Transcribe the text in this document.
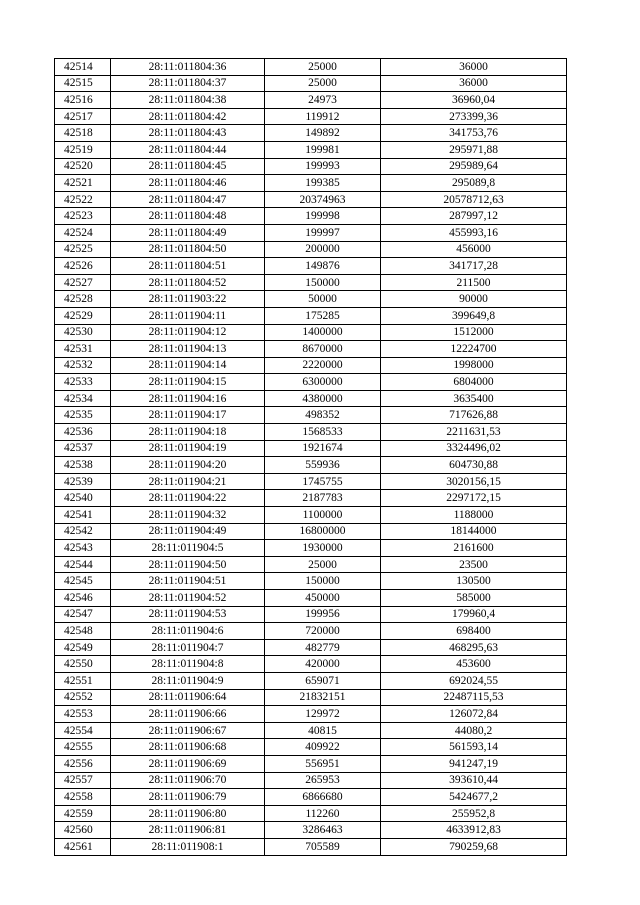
42514	28:11:011804:36	25000	36000
42515	28:11:011804:37	25000	36000
42516	28:11:011804:38	24973	36960,04
42517	28:11:011804:42	119912	273399,36
42518	28:11:011804:43	149892	341753,76
42519	28:11:011804:44	199981	295971,88
42520	28:11:011804:45	199993	295989,64
42521	28:11:011804:46	199385	295089,8
42522	28:11:011804:47	20374963	20578712,63
42523	28:11:011804:48	199998	287997,12
42524	28:11:011804:49	199997	455993,16
42525	28:11:011804:50	200000	456000
42526	28:11:011804:51	149876	341717,28
42527	28:11:011804:52	150000	211500
42528	28:11:011903:22	50000	90000
42529	28:11:011904:11	175285	399649,8
42530	28:11:011904:12	1400000	1512000
42531	28:11:011904:13	8670000	12224700
42532	28:11:011904:14	2220000	1998000
42533	28:11:011904:15	6300000	6804000
42534	28:11:011904:16	4380000	3635400
42535	28:11:011904:17	498352	717626,88
42536	28:11:011904:18	1568533	2211631,53
42537	28:11:011904:19	1921674	3324496,02
42538	28:11:011904:20	559936	604730,88
42539	28:11:011904:21	1745755	3020156,15
42540	28:11:011904:22	2187783	2297172,15
42541	28:11:011904:32	1100000	1188000
42542	28:11:011904:49	16800000	18144000
42543	28:11:011904:5	1930000	2161600
42544	28:11:011904:50	25000	23500
42545	28:11:011904:51	150000	130500
42546	28:11:011904:52	450000	585000
42547	28:11:011904:53	199956	179960,4
42548	28:11:011904:6	720000	698400
42549	28:11:011904:7	482779	468295,63
42550	28:11:011904:8	420000	453600
42551	28:11:011904:9	659071	692024,55
42552	28:11:011906:64	21832151	22487115,53
42553	28:11:011906:66	129972	126072,84
42554	28:11:011906:67	40815	44080,2
42555	28:11:011906:68	409922	561593,14
42556	28:11:011906:69	556951	941247,19
42557	28:11:011906:70	265953	393610,44
42558	28:11:011906:79	6866680	5424677,2
42559	28:11:011906:80	112260	255952,8
42560	28:11:011906:81	3286463	4633912,83
42561	28:11:011908:1	705589	790259,68
